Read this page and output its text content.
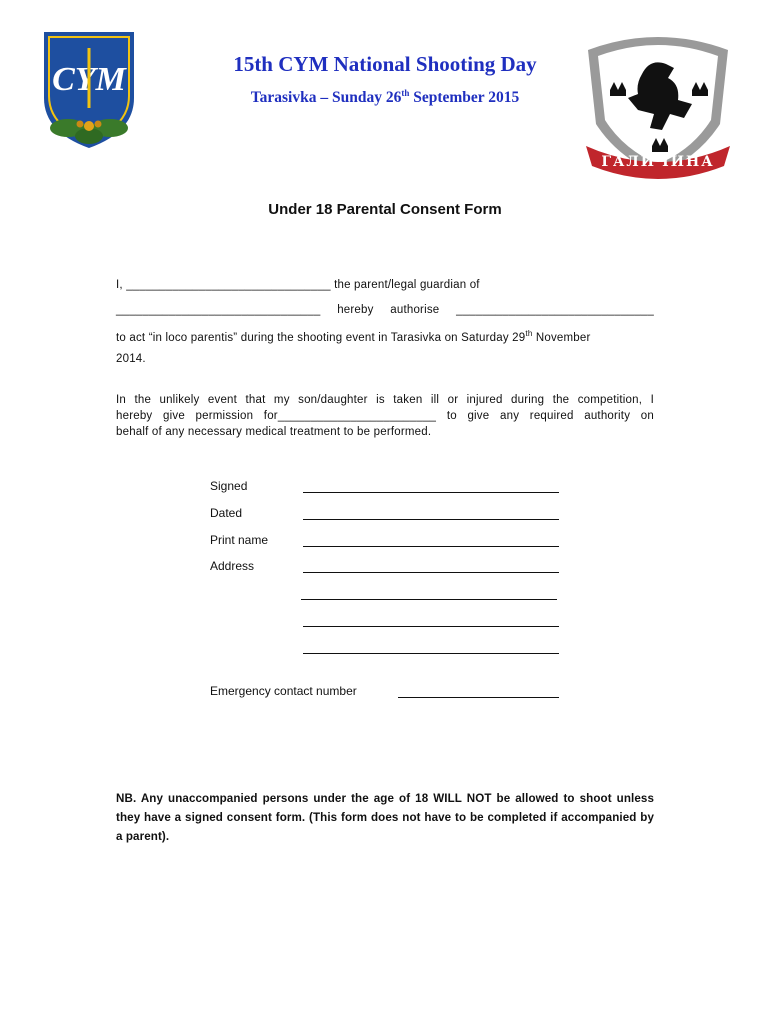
CYM	15th CYM National Shooting Day
Tarasivka – Sunday 26th September 2015
ГАЛИЧИНА
Under 18 Parental Consent Form
I, _______________________________ the parent/legal guardian of
_______________________________ hereby authorise ______________________________
to act “in loco parentis” during the shooting event in Tarasivka on Saturday 29th November
2014.
In the unlikely event that my son/daughter is taken ill or injured during the competition, I
hereby give permission for________________________ to give any required authority on
behalf of any necessary medical treatment to be performed.
Signed
Dated
Print name
Address
Emergency contact number
NB. Any unaccompanied persons under the age of 18 WILL NOT be allowed to shoot unless they have a signed consent form. (This form does not have to be completed if accompanied by a parent).
